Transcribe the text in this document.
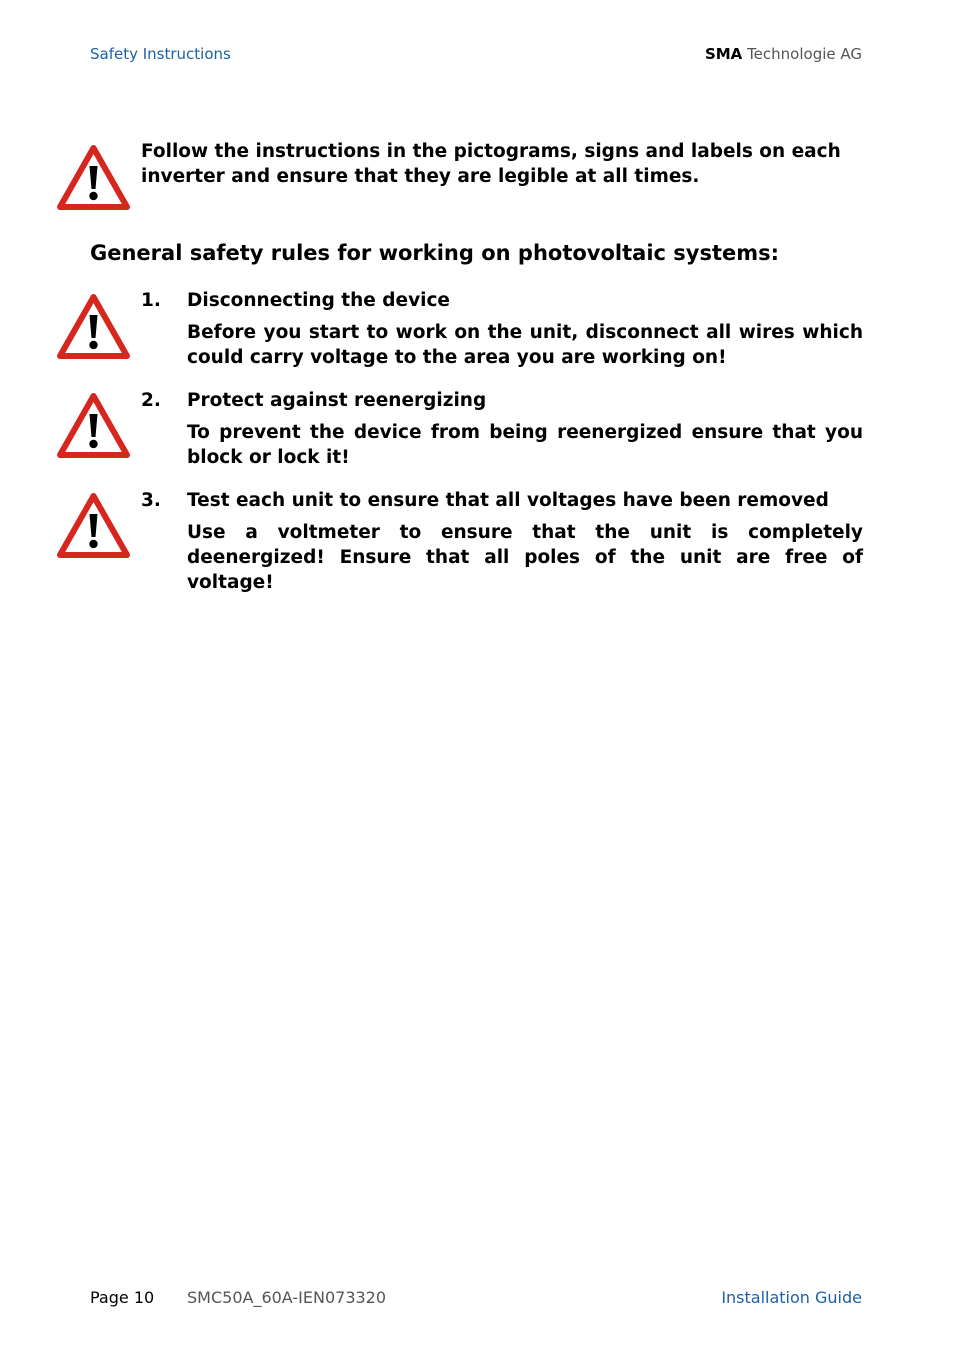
Safety Instructions	SMA Technologie AG

Follow the instructions in the pictograms, signs and labels on each inverter and ensure that they are legible at all times.

General safety rules for working on photovoltaic systems:
1. Disconnecting the device

Before you start to work on the unit, disconnect all wires which could carry voltage to the area you are working on!

2. Protect against reenergizing

To prevent the device from being reenergized ensure that you block or lock it!

3. Test each unit to ensure that all voltages have been removed

Use a voltmeter to ensure that the unit is completely deenergized! Ensure that all poles of the unit are free of voltage!

Page 10 SMC50A_60A-IEN073320	Installation Guide
